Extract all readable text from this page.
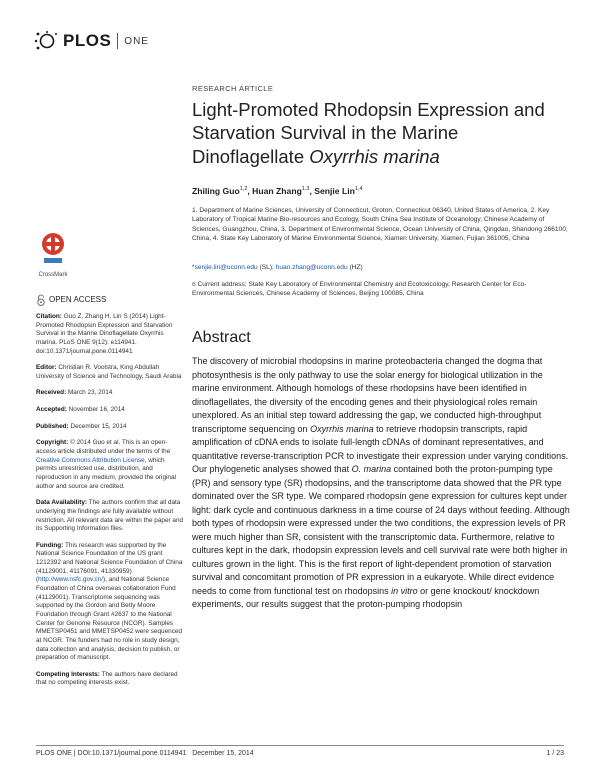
PLOS ONE
CrossMark
OPEN ACCESS
Citation: Guo Z, Zhang H, Lin S (2014) Light-Promoted Rhodopsin Expression and Starvation Survival in the Marine Dinoflagellate Oxyrrhis marina. PLoS ONE 9(12): e114941. doi:10.1371/journal.pone.0114941
Editor: Christian R. Voolstra, King Abdullah University of Science and Technology, Saudi Arabia
Received: March 23, 2014
Accepted: November 16, 2014
Published: December 15, 2014
Copyright: © 2014 Guo et al. This is an open-access article distributed under the terms of the Creative Commons Attribution License, which permits unrestricted use, distribution, and reproduction in any medium, provided the original author and source are credited.
Data Availability: The authors confirm that all data underlying the findings are fully available without restriction. All relevant data are within the paper and its Supporting Information files.
Funding: This research was supported by the National Science Foundation of the US grant 1212392 and National Science Foundation of China (41129001, 41176091, 41330959) (http://www.nsfc.gov.cn/), and National Science Foundation of China overseas collaboration Fund (41129001). Transcriptome sequencing was supported by the Gordon and Betty Moore Foundation through Grant #2637 to the National Center for Genome Resource (NCGR). Samples MMETSP0451 and MMETSP0452 were sequenced at NCGR. The funders had no role in study design, data collection and analysis, decision to publish, or preparation of manuscript.
Competing Interests: The authors have declared that no competing interests exist.
RESEARCH ARTICLE
Light-Promoted Rhodopsin Expression and
Starvation Survival in the Marine
Dinoflagellate Oxyrrhis marina
Zhiling Guo$^{1,2}$, Huan Zhang$^{1,3}$, Senjie Lin$^{1,4}$
1. Department of Marine Sciences, University of Connecticut, Groton, Connecticut 06340, United States of America, 2. Key Laboratory of Tropical Marine Bio-resources and Ecology, South China Sea Institute of Oceanology, Chinese Academy of Sciences, Guangzhou, China, 3. Department of Environmental Science, Ocean University of China, Qingdao, Shandong 266100, China, 4. State Key Laboratory of Marine Environmental Science, Xiamen University, Xiamen, Fujian 361005, China
*senjie.lin@uconn.edu (SL); huan.zhang@uconn.edu (HZ)
¤ Current address: State Key Laboratory of Environmental Chemistry and Ecotoxicology, Research Center for Eco-Environmental Sciences, Chinese Academy of Sciences, Beijing 100085, China
Abstract

The discovery of microbial rhodopsins in marine proteobacteria changed the dogma that photosynthesis is the only pathway to use the solar energy for biological utilization in the marine environment. Although homologs of these rhodopsins have been identified in dinoflagellates, the diversity of the encoding genes and their physiological roles remain unexplored. As an initial step toward addressing the gap, we conducted high-throughput transcriptome sequencing on Oxyrrhis marina to retrieve rhodopsin transcripts, rapid amplification of cDNA ends to isolate full-length cDNAs of dominant representatives, and quantitative reverse-transcription PCR to investigate their expression under varying conditions. Our phylogenetic analyses showed that O. marina contained both the proton-pumping type (PR) and sensory type (SR) rhodopsins, and the transcriptome data showed that the PR type dominated over the SR type. We compared rhodopsin gene expression for cultures kept under light: dark cycle and continuous darkness in a time course of 24 days without feeding. Although both types of rhodopsin were expressed under the two conditions, the expression levels of PR were much higher than SR, consistent with the transcriptomic data. Furthermore, relative to cultures kept in the dark, rhodopsin expression levels and cell survival rate were both higher in cultures grown in the light. This is the first report of light-dependent promotion of starvation survival and concomitant promotion of PR expression in a eukaryote. While direct evidence needs to come from functional test on rhodopsins in vitro or gene knockout/ knockdown experiments, our results suggest that the proton-pumping rhodopsin

PLOS ONE | DOI:10.1371/journal.pone.0114941 December 15, 2014	1 / 23
